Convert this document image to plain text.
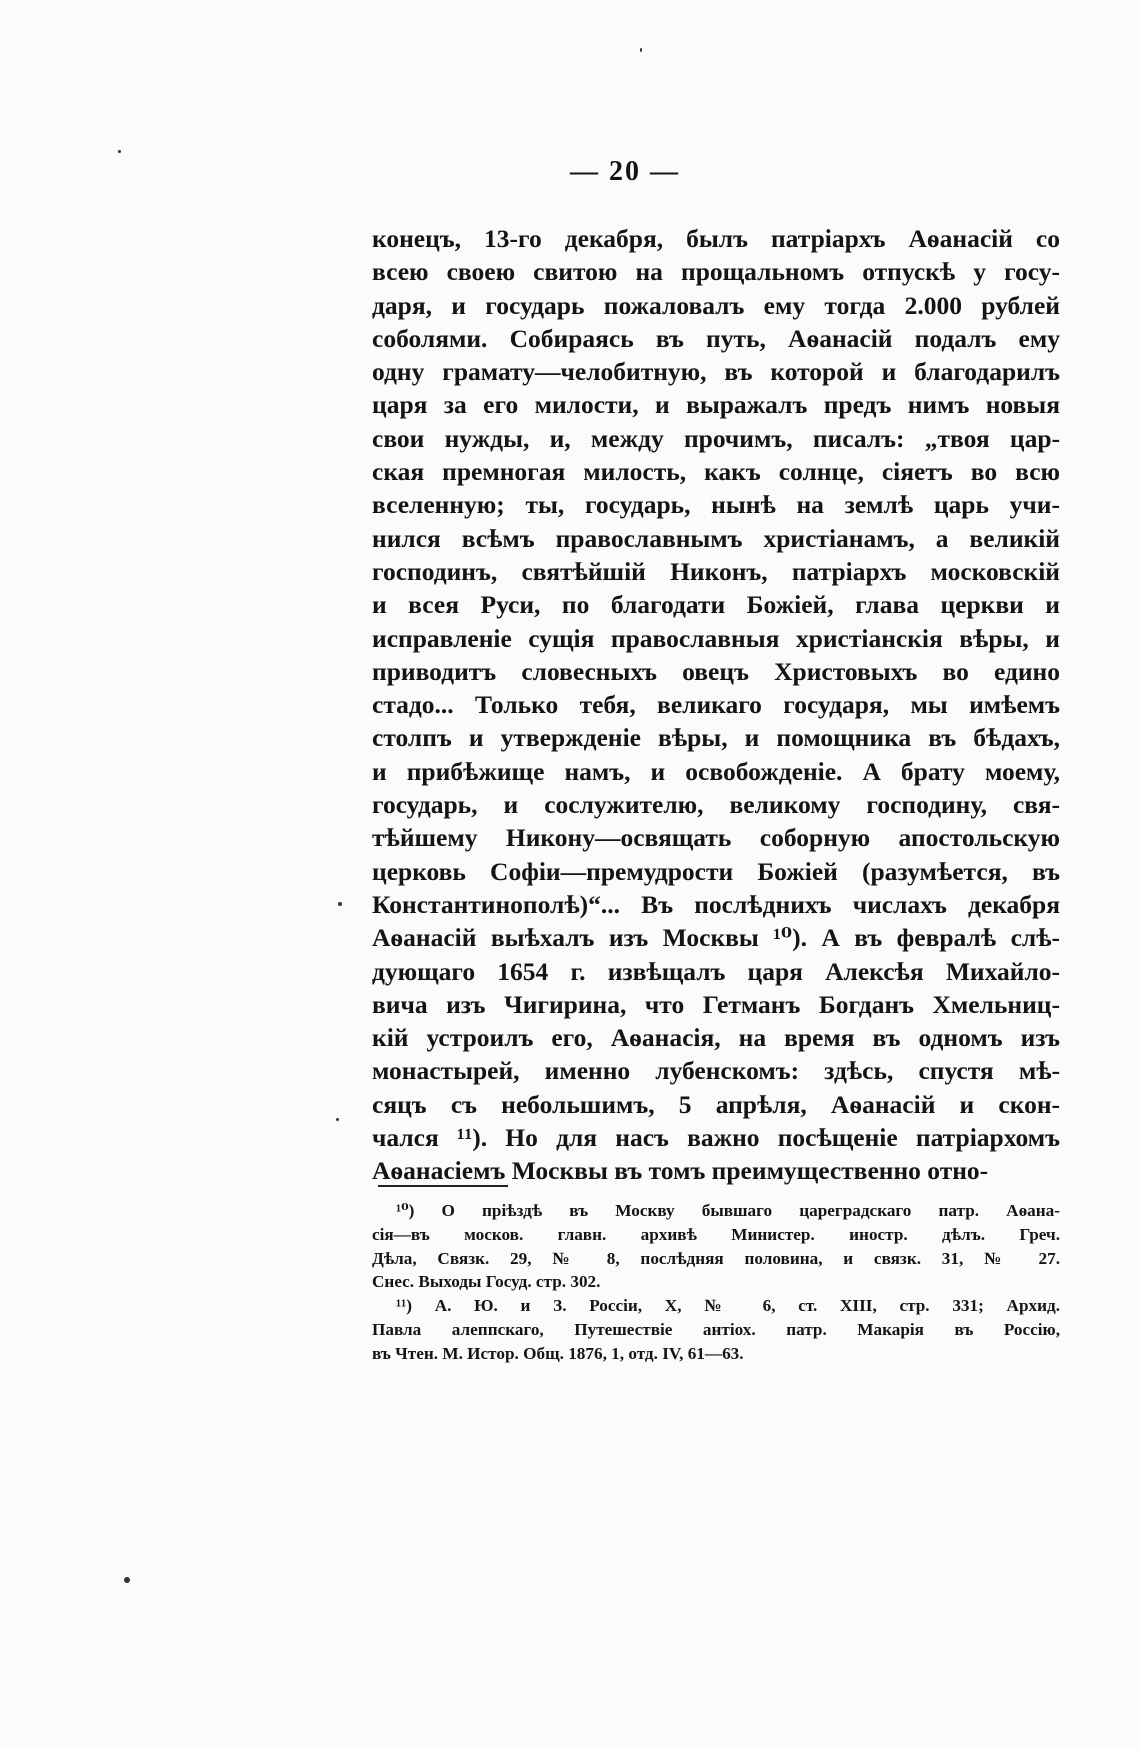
— 20 —
конецъ, 13-го декабря, былъ патріархъ Аѳанасій со
всею своею свитою на прощальномъ отпускѣ у госу-
даря, и государь пожаловалъ ему тогда 2.000 рублей
соболями. Собираясь въ путь, Аѳанасій подалъ ему
одну грамату—челобитную, въ которой и благодарилъ
царя за его милости, и выражалъ предъ нимъ новыя
свои нужды, и, между прочимъ, писалъ: „твоя цар-
ская премногая милость, какъ солнце, сіяетъ во всю
вселенную; ты, государь, нынѣ на землѣ царь учи-
нился всѣмъ православнымъ христіанамъ, а великій
господинъ, святѣйшій Никонъ, патріархъ московскій
и всея Руси, по благодати Божіей, глава церкви и
исправленіе сущія православныя христіанскія вѣры, и
приводитъ словесныхъ овецъ Христовыхъ во едино
стадо... Только тебя, великаго государя, мы имѣемъ
столпъ и утвержденіе вѣры, и помощника въ бѣдахъ,
и прибѣжище намъ, и освобожденіе. А брату моему,
государь, и сослужителю, великому господину, свя-
тѣйшему Никону—освящать соборную апостольскую
церковь Софіи—премудрости Божіей (разумѣется, въ
Константинополѣ)“... Въ послѣднихъ числахъ декабря
Аѳанасій выѣхалъ изъ Москвы ¹⁰). А въ февралѣ слѣ-
дующаго 1654 г. извѣщалъ царя Алексѣя Михайло-
вича изъ Чигирина, что Гетманъ Богданъ Хмельниц-
кій устроилъ его, Аѳанасія, на время въ одномъ изъ
монастырей, именно лубенскомъ: здѣсь, спустя мѣ-
сяцъ съ небольшимъ, 5 апрѣля, Аѳанасій и скон-
чался ¹¹). Но для насъ важно посѣщеніе патріархомъ
Аѳанасіемъ Москвы въ томъ преимущественно отно-
¹⁰) О пріѣздѣ въ Москву бывшаго цареградскаго патр. Аѳана-
сія—въ москов. главн. архивѣ Министер. иностр. дѣлъ. Греч.
Дѣла, Связк. 29, № 8, послѣдняя половина, и связк. 31, № 27.
Снес. Выходы Госуд. стр. 302.
¹¹) А. Ю. и З. Россіи, X, № 6, ст. XIII, стр. 331; Архид.
Павла алеппскаго, Путешествіе антіох. патр. Макарія въ Россію,
въ Чтен. М. Истор. Общ. 1876, 1, отд. IV, 61—63.
